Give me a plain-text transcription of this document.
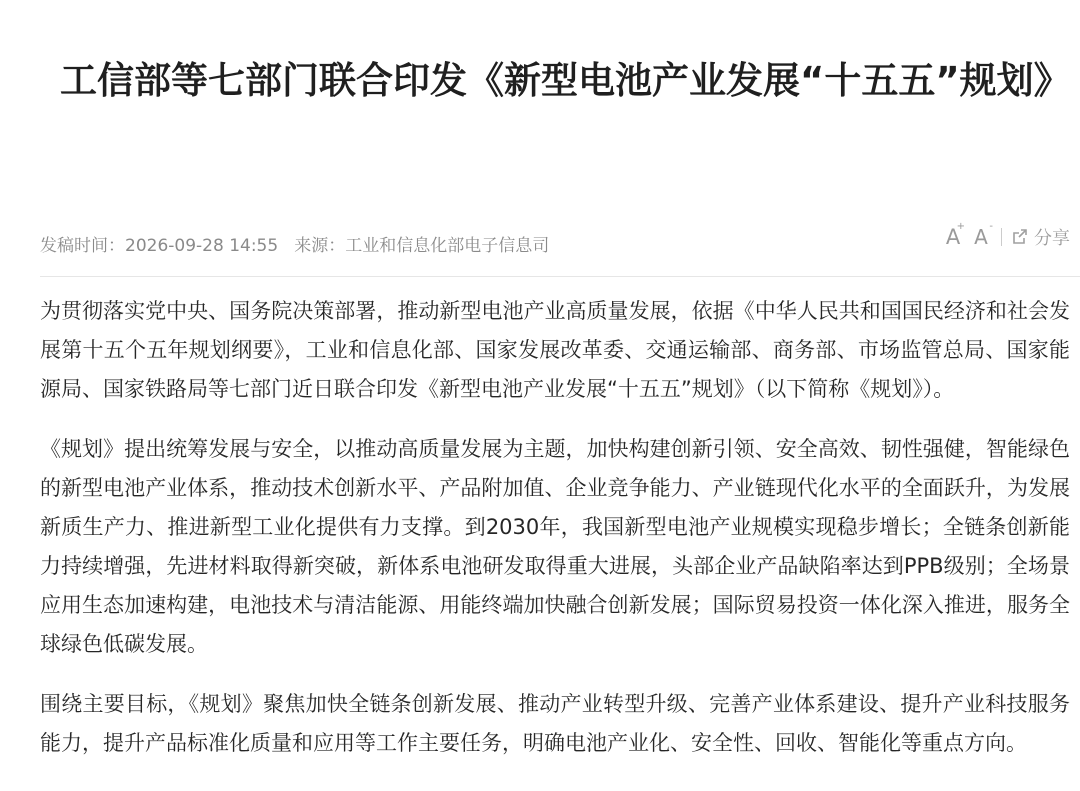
工信部等七部门联合印发《新型电池产业发展“十五五”规划》
发稿时间：2026-09-28 14:55 来源：工业和信息化部电子信息司	A
+ A -
分享

为贯彻落实党中央、国务院决策部署，推动新型电池产业高质量发展，依据《中华人民共和国国民经济和社会发展第十五个五年规划纲要》，工业和信息化部、国家发展改革委、交通运输部、商务部、市场监管总局、国家能源局、国家铁路局等七部门近日联合印发《新型电池产业发展“十五五”规划》（以下简称《规划》）。

《规划》提出统筹发展与安全，以推动高质量发展为主题，加快构建创新引领、安全高效、韧性强健，智能绿色的新型电池产业体系，推动技术创新水平、产品附加值、企业竞争能力、产业链现代化水平的全面跃升，为发展新质生产力、推进新型工业化提供有力支撑。到2030年，我国新型电池产业规模实现稳步增长；全链条创新能力持续增强，先进材料取得新突破，新体系电池研发取得重大进展，头部企业产品缺陷率达到PPB级别；全场景应用生态加速构建，电池技术与清洁能源、用能终端加快融合创新发展；国际贸易投资一体化深入推进，服务全球绿色低碳发展。

围绕主要目标，《规划》聚焦加快全链条创新发展、推动产业转型升级、完善产业体系建设、提升产业科技服务能力，提升产品标准化质量和应用等工作主要任务，明确电池产业化、安全性、回收、智能化等重点方向。
